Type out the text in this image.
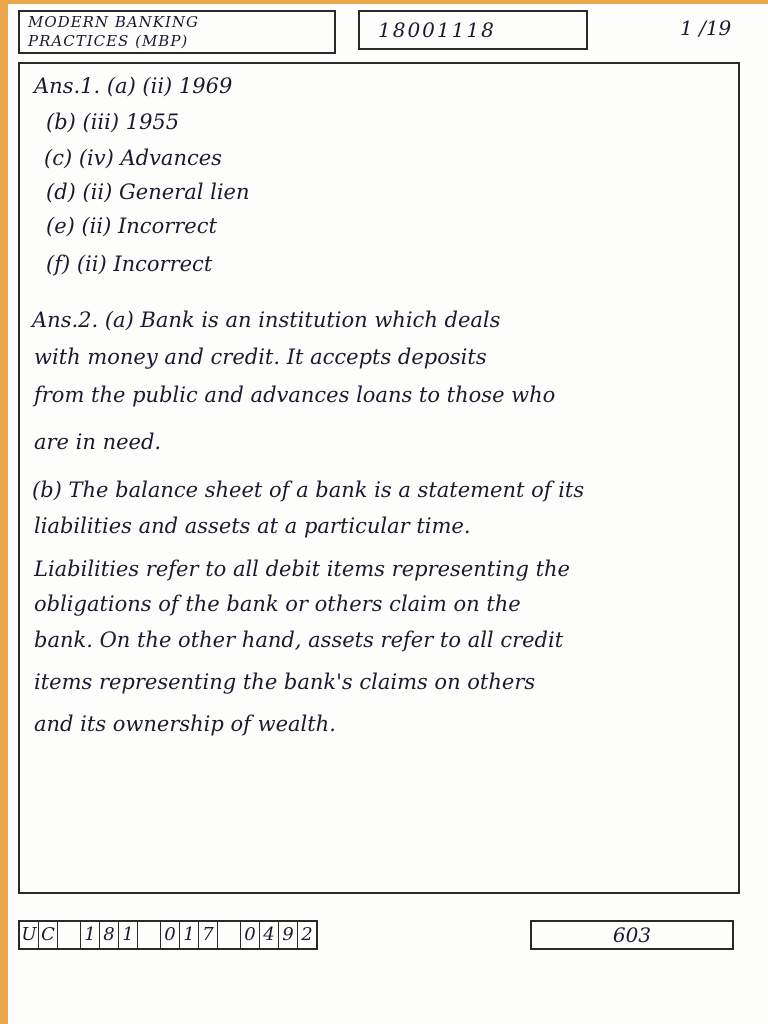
MODERN BANKING
PRACTICES (MBP)	18001118	1 /19
Ans.1. (a) (ii) 1969
(b) (iii) 1955
(c) (iv) Advances
(d) (ii) General lien
(e) (ii) Incorrect
(f) (ii) Incorrect
Ans.2. (a) Bank is an institution which deals
with money and credit. It accepts deposits
from the public and advances loans to those who
are in need.
(b) The balance sheet of a bank is a statement of its
liabilities and assets at a particular time.
Liabilities refer to all debit items representing the
obligations of the bank or others claim on the
bank. On the other hand, assets refer to all credit
items representing the bank's claims on others
and its ownership of wealth.
U C 1 8 1 0 1 7 0 4 9 2	603
